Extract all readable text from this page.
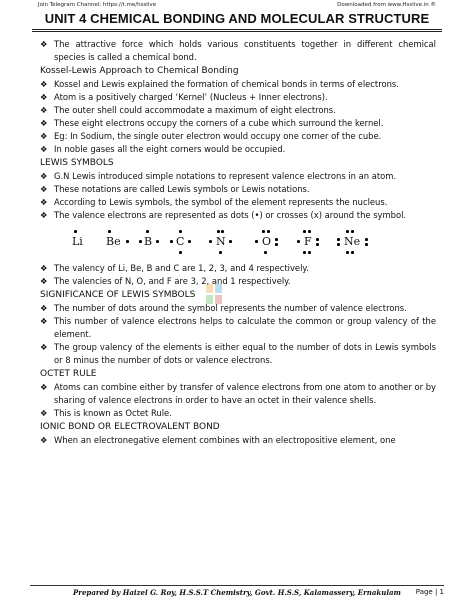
Join Telegram Channel: https://t.me/hsslive	Downloaded from www.Hsslive.in ®
UNIT 4 CHEMICAL BONDING AND MOLECULAR STRUCTURE
❖ The attractive force which holds various constituents together in different chemical species is called a chemical bond.
Kossel-Lewis Approach to Chemical Bonding
❖ Kossel and Lewis explained the formation of chemical bonds in terms of electrons.
❖ Atom is a positively charged ‘Kernel’ (Nucleus + Inner electrons).
❖ The outer shell could accommodate a maximum of eight electrons.
❖ These eight electrons occupy the corners of a cube which surround the kernel.
❖ Eg: In Sodium, the single outer electron would occupy one corner of the cube.
❖ In noble gases all the eight corners would be occupied.
LEWIS SYMBOLS
❖ G.N Lewis introduced simple notations to represent valence electrons in an atom.
❖ These notations are called Lewis symbols or Lewis notations.
❖ According to Lewis symbols, the symbol of the element represents the nucleus.
❖ The valence electrons are represented as dots (•) or crosses (x) around the symbol.
Li Be B C	N	O	F	Ne
❖ The valency of Li, Be, B and C are 1, 2, 3, and 4 respectively.
❖ The valencies of N, O, and F are 3, 2, and 1 respectively.
SIGNIFICANCE OF LEWIS SYMBOLS
❖ The number of dots around the symbol represents the number of valence electrons.
❖ This number of valence electrons helps to calculate the common or group valency of the element.
❖ The group valency of the elements is either equal to the number of dots in Lewis symbols or 8 minus the number of dots or valence electrons.
OCTET RULE
❖ Atoms can combine either by transfer of valence electrons from one atom to another or by sharing of valence electrons in order to have an octet in their valence shells.
❖ This is known as Octet Rule.
IONIC BOND OR ELECTROVALENT BOND
❖ When an electronegative element combines with an electropositive element, one
Prepared by Haizel G. Roy, H.S.S.T Chemistry, Govt. H.S.S, Kalamassery, Ernakulam Page | 1
